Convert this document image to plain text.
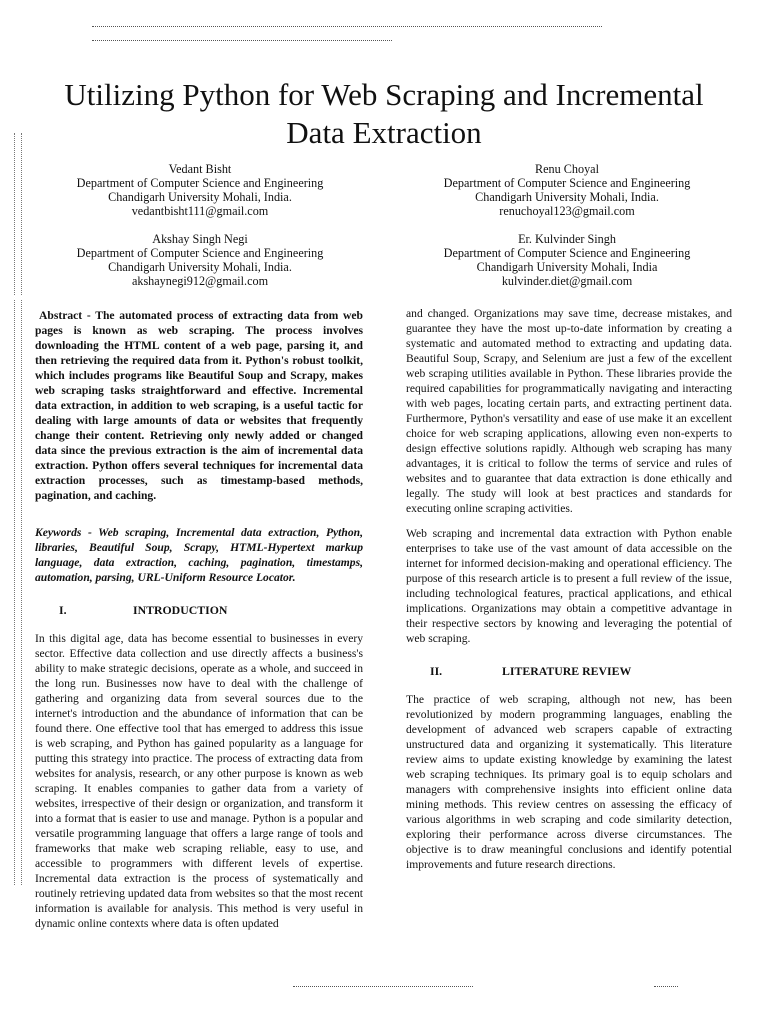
Utilizing Python for Web Scraping and Incremental Data Extraction
Vedant Bisht
Department of Computer Science and Engineering
Chandigarh University Mohali, India.
vedantbisht111@gmail.com
Renu Choyal
Department of Computer Science and Engineering
Chandigarh University Mohali, India.
renuchoyal123@gmail.com
Akshay Singh Negi
Department of Computer Science and Engineering
Chandigarh University Mohali, India.
akshaynegi912@gmail.com
Er. Kulvinder Singh
Department of Computer Science and Engineering
Chandigarh University Mohali, India
kulvinder.diet@gmail.com

Abstract - The automated process of extracting data from web pages is known as web scraping. The process involves downloading the HTML content of a web page, parsing it, and then retrieving the required data from it. Python's robust toolkit, which includes programs like Beautiful Soup and Scrapy, makes web scraping tasks straightforward and effective. Incremental data extraction, in addition to web scraping, is a useful tactic for dealing with large amounts of data or websites that frequently change their content. Retrieving only newly added or changed data since the previous extraction is the aim of incremental data extraction. Python offers several techniques for incremental data extraction processes, such as timestamp-based methods, pagination, and caching.

Keywords - Web scraping, Incremental data extraction, Python, libraries, Beautiful Soup, Scrapy, HTML-Hypertext markup language, data extraction, caching, pagination, timestamps, automation, parsing, URL-Uniform Resource Locator.

I.	INTRODUCTION

In this digital age, data has become essential to businesses in every sector. Effective data collection and use directly affects a business's ability to make strategic decisions, operate as a whole, and succeed in the long run. Businesses now have to deal with the challenge of gathering and organizing data from several sources due to the internet's introduction and the abundance of information that can be found there. One effective tool that has emerged to address this issue is web scraping, and Python has gained popularity as a language for putting this strategy into practice. The process of extracting data from websites for analysis, research, or any other purpose is known as web scraping. It enables companies to gather data from a variety of websites, irrespective of their design or organization, and transform it into a format that is easier to use and manage. Python is a popular and versatile programming language that offers a large range of tools and frameworks that make web scraping reliable, easy to use, and accessible to programmers with different levels of expertise. Incremental data extraction is the process of systematically and routinely retrieving updated data from websites so that the most recent information is available for analysis. This method is very useful in dynamic online contexts where data is often updated

and changed. Organizations may save time, decrease mistakes, and guarantee they have the most up-to-date information by creating a systematic and automated method to extracting and updating data. Beautiful Soup, Scrapy, and Selenium are just a few of the excellent web scraping utilities available in Python. These libraries provide the required capabilities for programmatically navigating and interacting with web pages, locating certain parts, and extracting pertinent data. Furthermore, Python's versatility and ease of use make it an excellent choice for web scraping applications, allowing even non-experts to design effective solutions rapidly. Although web scraping has many advantages, it is critical to follow the terms of service and rules of websites and to guarantee that data extraction is done ethically and legally. The study will look at best practices and standards for executing online scraping activities.

Web scraping and incremental data extraction with Python enable enterprises to take use of the vast amount of data accessible on the internet for informed decision-making and operational efficiency. The purpose of this research article is to present a full review of the issue, including technological features, practical applications, and ethical implications. Organizations may obtain a competitive advantage in their respective sectors by knowing and leveraging the potential of web scraping.

II.	LITERATURE REVIEW

The practice of web scraping, although not new, has been revolutionized by modern programming languages, enabling the development of advanced web scrapers capable of extracting unstructured data and organizing it systematically. This literature review aims to update existing knowledge by examining the latest web scraping techniques. Its primary goal is to equip scholars and managers with comprehensive insights into efficient online data mining methods. This review centres on assessing the efficacy of various algorithms in web scraping and code similarity detection, exploring their performance across diverse circumstances. The objective is to draw meaningful conclusions and identify potential improvements and future research directions.
